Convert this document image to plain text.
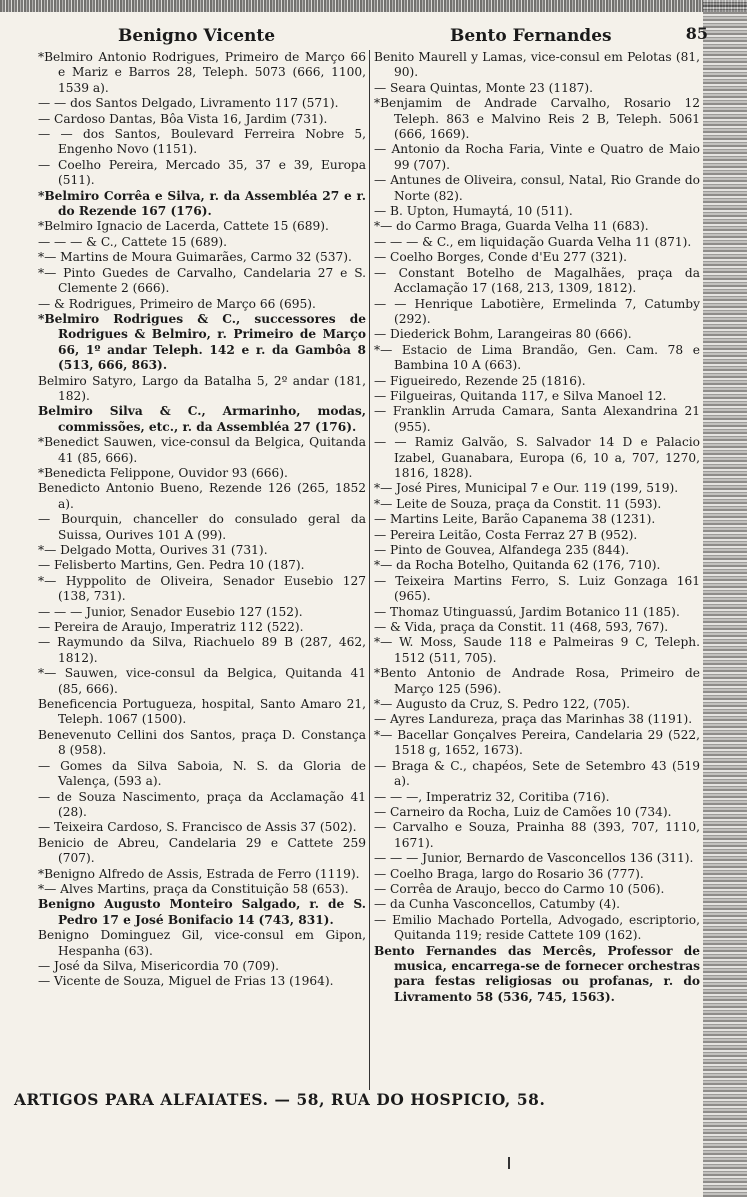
Benigno Vicente	Bento Fernandes	85

*Belmiro Antonio Rodrigues, Primeiro de Março 66 e Mariz e Barros 28, Teleph. 5073 (666, 1100, 1539 a).

— — dos Santos Delgado, Livramento 117 (571).

— Cardoso Dantas, Bôa Vista 16, Jardim (731).

— — dos Santos, Boulevard Ferreira Nobre 5, Engenho Novo (1151).

— Coelho Pereira, Mercado 35, 37 e 39, Europa (511).

*Belmiro Corrêa e Silva, r. da Assembléa 27 e r. do Rezende 167 (176).

*Belmiro Ignacio de Lacerda, Cattete 15 (689).

— — — & C., Cattete 15 (689).

*— Martins de Moura Guimarães, Carmo 32 (537).

*— Pinto Guedes de Carvalho, Candelaria 27 e S. Clemente 2 (666).

— & Rodrigues, Primeiro de Março 66 (695).

*Belmiro Rodrigues & C., successores de Rodrigues & Belmiro, r. Primeiro de Março 66, 1º andar Teleph. 142 e r. da Gambôa 8 (513, 666, 863).

Belmiro Satyro, Largo da Batalha 5, 2º andar (181, 182).

Belmiro Silva & C., Armarinho, modas, commissões, etc., r. da Assembléa 27 (176).

*Benedict Sauwen, vice-consul da Belgica, Quitanda 41 (85, 666).

*Benedicta Felippone, Ouvidor 93 (666).

Benedicto Antonio Bueno, Rezende 126 (265, 1852 a).

— Bourquin, chanceller do consulado geral da Suissa, Ourives 101 A (99).

*— Delgado Motta, Ourives 31 (731).

— Felisberto Martins, Gen. Pedra 10 (187).

*— Hyppolito de Oliveira, Senador Eusebio 127 (138, 731).

— — — Junior, Senador Eusebio 127 (152).

— Pereira de Araujo, Imperatriz 112 (522).

— Raymundo da Silva, Riachuelo 89 B (287, 462, 1812).

*— Sauwen, vice-consul da Belgica, Quitanda 41 (85, 666).

Beneficencia Portugueza, hospital, Santo Amaro 21, Teleph. 1067 (1500).

Benevenuto Cellini dos Santos, praça D. Constança 8 (958).

— Gomes da Silva Saboia, N. S. da Gloria de Valença, (593 a).

— de Souza Nascimento, praça da Acclamação 41 (28).

— Teixeira Cardoso, S. Francisco de Assis 37 (502).

Benicio de Abreu, Candelaria 29 e Cattete 259 (707).

*Benigno Alfredo de Assis, Estrada de Ferro (1119).

*— Alves Martins, praça da Constituição 58 (653).

Benigno Augusto Monteiro Salgado, r. de S. Pedro 17 e José Bonifacio 14 (743, 831).

Benigno Dominguez Gil, vice-consul em Gipon, Hespanha (63).

— José da Silva, Misericordia 70 (709).

— Vicente de Souza, Miguel de Frias 13 (1964).

Benito Maurell y Lamas, vice-consul em Pelotas (81, 90).

— Seara Quintas, Monte 23 (1187).

*Benjamim de Andrade Carvalho, Rosario 12 Teleph. 863 e Malvino Reis 2 B, Teleph. 5061 (666, 1669).

— Antonio da Rocha Faria, Vinte e Quatro de Maio 99 (707).

— Antunes de Oliveira, consul, Natal, Rio Grande do Norte (82).

— B. Upton, Humaytá, 10 (511).

*— do Carmo Braga, Guarda Velha 11 (683).

— — — & C., em liquidação Guarda Velha 11 (871).

— Coelho Borges, Conde d'Eu 277 (321).

— Constant Botelho de Magalhães, praça da Acclamação 17 (168, 213, 1309, 1812).

— — Henrique Labotière, Ermelinda 7, Catumby (292).

— Diederick Bohm, Larangeiras 80 (666).

*— Estacio de Lima Brandão, Gen. Cam. 78 e Bambina 10 A (663).

— Figueiredo, Rezende 25 (1816).

— Filgueiras, Quitanda 117, e Silva Manoel 12.

— Franklin Arruda Camara, Santa Alexandrina 21 (955).

— — Ramiz Galvão, S. Salvador 14 D e Palacio Izabel, Guanabara, Europa (6, 10 a, 707, 1270, 1816, 1828).

*— José Pires, Municipal 7 e Our. 119 (199, 519).

*— Leite de Souza, praça da Constit. 11 (593).

— Martins Leite, Barão Capanema 38 (1231).

— Pereira Leitão, Costa Ferraz 27 B (952).

— Pinto de Gouvea, Alfandega 235 (844).

*— da Rocha Botelho, Quitanda 62 (176, 710).

— Teixeira Martins Ferro, S. Luiz Gonzaga 161 (965).

— Thomaz Utinguassú, Jardim Botanico 11 (185).

— & Vida, praça da Constit. 11 (468, 593, 767).

*— W. Moss, Saude 118 e Palmeiras 9 C, Teleph. 1512 (511, 705).

*Bento Antonio de Andrade Rosa, Primeiro de Março 125 (596).

*— Augusto da Cruz, S. Pedro 122, (705).

— Ayres Landureza, praça das Marinhas 38 (1191).

*— Bacellar Gonçalves Pereira, Candelaria 29 (522, 1518 g, 1652, 1673).

— Braga & C., chapéos, Sete de Setembro 43 (519 a).

— — —, Imperatriz 32, Coritiba (716).

— Carneiro da Rocha, Luiz de Camões 10 (734).

— Carvalho e Souza, Prainha 88 (393, 707, 1110, 1671).

— — — Junior, Bernardo de Vasconcellos 136 (311).

— Coelho Braga, largo do Rosario 36 (777).

— Corrêa de Araujo, becco do Carmo 10 (506).

— da Cunha Vasconcellos, Catumby (4).

— Emilio Machado Portella, Advogado, escriptorio, Quitanda 119; reside Cattete 109 (162).

Bento Fernandes das Mercês, Professor de musica, encarrega-se de fornecer orchestras para festas religiosas ou profanas, r. do Livramento 58 (536, 745, 1563).

ARTIGOS PARA ALFAIATES. — 58, RUA DO HOSPICIO, 58.
